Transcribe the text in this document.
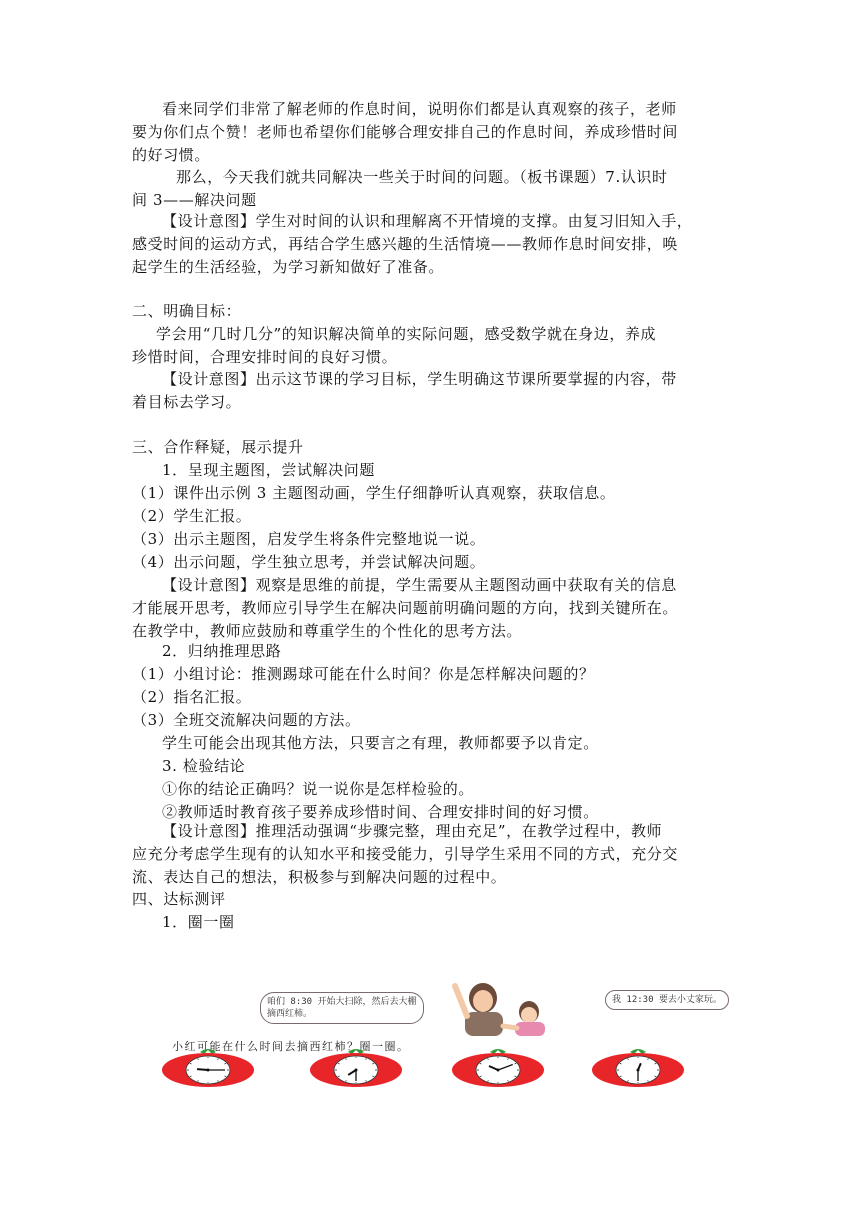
看来同学们非常了解老师的作息时间，说明你们都是认真观察的孩子，老师
要为你们点个赞！老师也希望你们能够合理安排自己的作息时间，养成珍惜时间
的好习惯。
那么，今天我们就共同解决一些关于时间的问题。（板书课题）7.认识时
间 3——解决问题
【设计意图】学生对时间的认识和理解离不开情境的支撑。由复习旧知入手，
感受时间的运动方式，再结合学生感兴趣的生活情境——教师作息时间安排，唤
起学生的生活经验，为学习新知做好了准备。
二、明确目标：
学会用“几时几分”的知识解决简单的实际问题，感受数学就在身边，养成
珍惜时间，合理安排时间的良好习惯。
【设计意图】出示这节课的学习目标，学生明确这节课所要掌握的内容，带
着目标去学习。
三、合作释疑，展示提升
1．呈现主题图，尝试解决问题
（1）课件出示例 3 主题图动画，学生仔细静听认真观察，获取信息。
（2）学生汇报。
（3）出示主题图，启发学生将条件完整地说一说。
（4）出示问题，学生独立思考，并尝试解决问题。
【设计意图】观察是思维的前提，学生需要从主题图动画中获取有关的信息
才能展开思考，教师应引导学生在解决问题前明确问题的方向，找到关键所在。
在教学中，教师应鼓励和尊重学生的个性化的思考方法。
2．归纳推理思路
（1）小组讨论：推测踢球可能在什么时间？你是怎样解决问题的？
（2）指名汇报。
（3）全班交流解决问题的方法。
学生可能会出现其他方法，只要言之有理，教师都要予以肯定。
3. 检验结论
①你的结论正确吗？说一说你是怎样检验的。
②教师适时教育孩子要养成珍惜时间、合理安排时间的好习惯。
【设计意图】推理活动强调“步骤完整，理由充足”，在教学过程中，教师
应充分考虑学生现有的认知水平和接受能力，引导学生采用不同的方式，充分交
流、表达自己的想法，积极参与到解决问题的过程中。
四、达标测评
1．圈一圈
咱们 8:30 开始大扫除，然后去大棚摘西红柿。
我 12:30 要去小丈家玩。
小红可能在什么时间去摘西红柿？圈一圈。
